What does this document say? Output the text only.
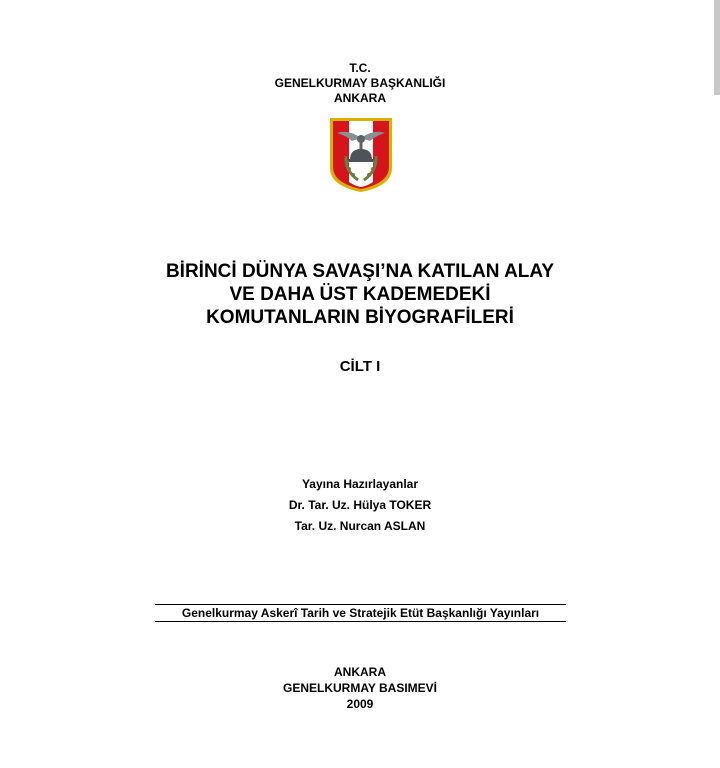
T.C.
GENELKURMAY BAŞKANLIĞI
ANKARA
BİRİNCİ DÜNYA SAVAŞI’NA KATILAN ALAY
VE DAHA ÜST KADEMEDEKİ
KOMUTANLARIN BİYOGRAFİLERİ
CİLT I
Yayına Hazırlayanlar
Dr. Tar. Uz. Hülya TOKER
Tar. Uz. Nurcan ASLAN
Genelkurmay Askerî Tarih ve Stratejik Etüt Başkanlığı Yayınları
ANKARA
GENELKURMAY BASIMEVİ
2009
